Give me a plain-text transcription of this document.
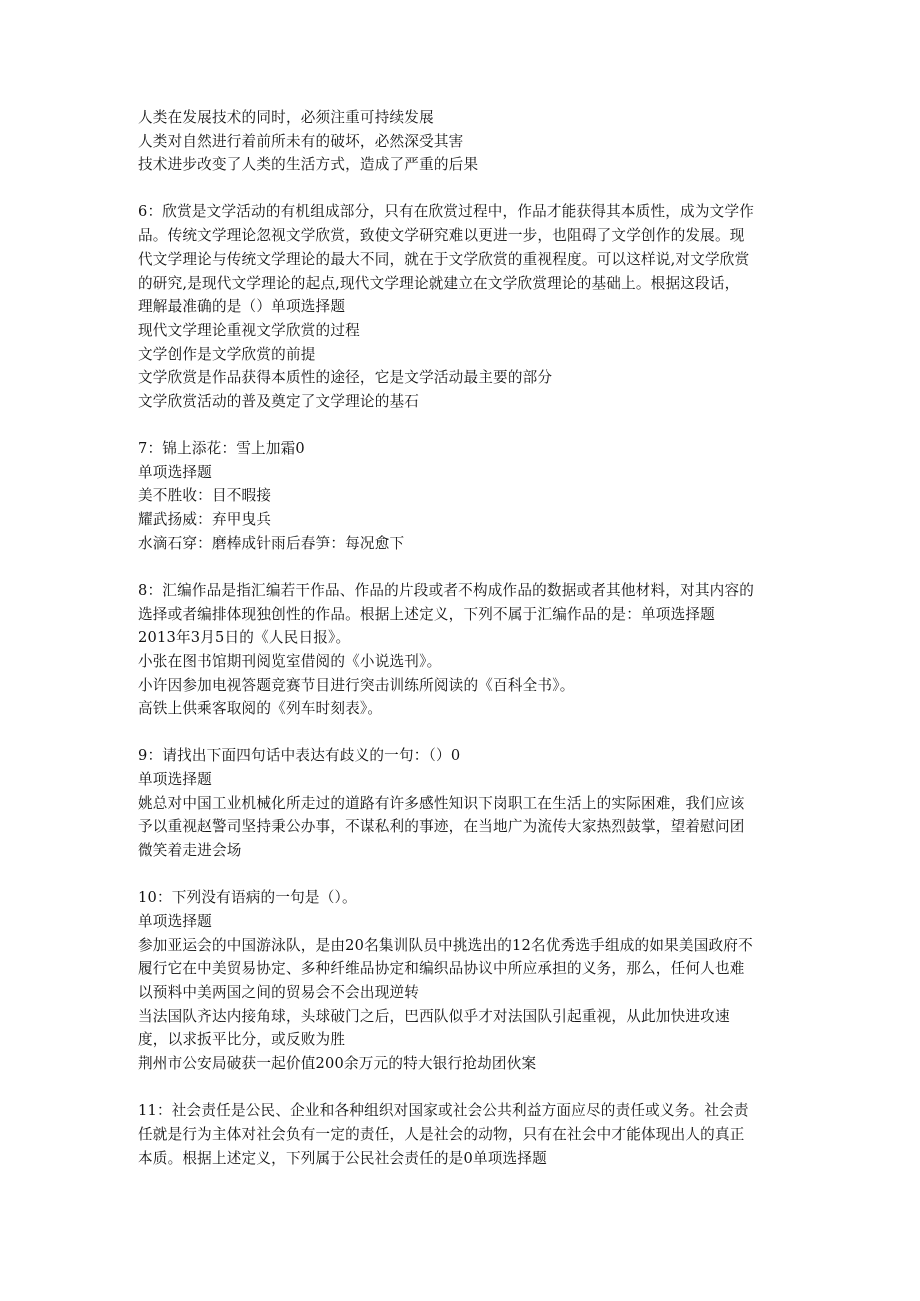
人类在发展技术的同时，必须注重可持续发展

人类对自然进行着前所未有的破坏，必然深受其害

技术进步改变了人类的生活方式，造成了严重的后果

6：欣赏是文学活动的有机组成部分，只有在欣赏过程中，作品才能获得其本质性，成为文学作

品。传统文学理论忽视文学欣赏，致使文学研究难以更进一步，也阻碍了文学创作的发展。现

代文学理论与传统文学理论的最大不同，就在于文学欣赏的重视程度。可以这样说,对文学欣赏

的研究,是现代文学理论的起点,现代文学理论就建立在文学欣赏理论的基础上。根据这段话，

理解最准确的是（）单项选择题

现代文学理论重视文学欣赏的过程

文学创作是文学欣赏的前提

文学欣赏是作品获得本质性的途径，它是文学活动最主要的部分

文学欣赏活动的普及奠定了文学理论的基石

7：锦上添花：雪上加霜0

单项选择题

美不胜收：目不暇接

耀武扬威：弃甲曳兵

水滴石穿：磨棒成针雨后春笋：每况愈下

8：汇编作品是指汇编若干作品、作品的片段或者不构成作品的数据或者其他材料，对其内容的

选择或者编排体现独创性的作品。根据上述定义，下列不属于汇编作品的是：单项选择题

2013年3月5日的《人民日报》。

小张在图书馆期刊阅览室借阅的《小说选刊》。

小许因参加电视答题竞赛节目进行突击训练所阅读的《百科全书》。

高铁上供乘客取阅的《列车时刻表》。

9：请找出下面四句话中表达有歧义的一句：（）0

单项选择题

姚总对中国工业机械化所走过的道路有许多感性知识下岗职工在生活上的实际困难，我们应该

予以重视赵警司坚持秉公办事，不谋私利的事迹，在当地广为流传大家热烈鼓掌，望着慰问团

微笑着走进会场

10：下列没有语病的一句是（）。

单项选择题

参加亚运会的中国游泳队，是由20名集训队员中挑选出的12名优秀选手组成的如果美国政府不

履行它在中美贸易协定、多种纤维品协定和编织品协议中所应承担的义务，那么，任何人也难

以预料中美两国之间的贸易会不会出现逆转

当法国队齐达内接角球，头球破门之后，巴西队似乎才对法国队引起重视，从此加快进攻速

度，以求扳平比分，或反败为胜

荆州市公安局破获一起价值200余万元的特大银行抢劫团伙案

11：社会责任是公民、企业和各种组织对国家或社会公共利益方面应尽的责任或义务。社会责

任就是行为主体对社会负有一定的责任，人是社会的动物，只有在社会中才能体现出人的真正

本质。根据上述定义，下列属于公民社会责任的是0单项选择题
